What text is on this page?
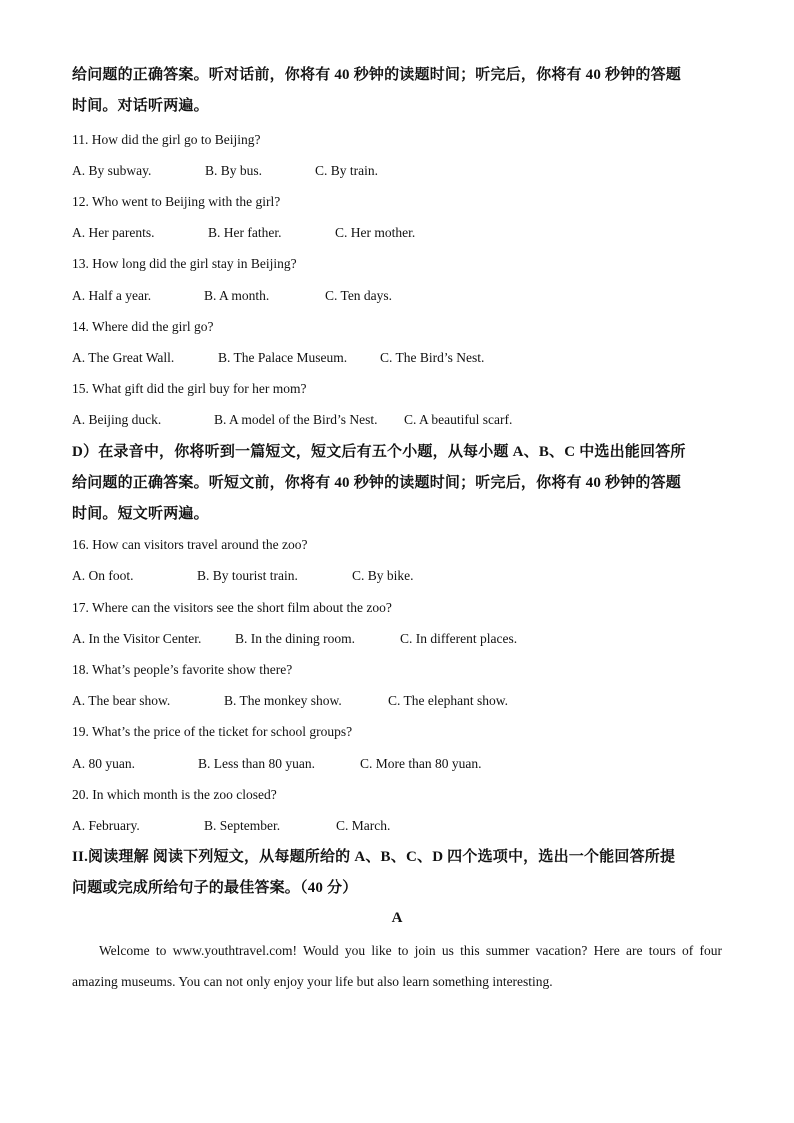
给问题的正确答案。听对话前，你将有 40 秒钟的读题时间；听完后，你将有 40 秒钟的答题
时间。对话听两遍。
11. How did the girl go to Beijing?
A. By subway.	B. By bus.	C. By train.
12. Who went to Beijing with the girl?
A. Her parents.	B. Her father.	C. Her mother.
13. How long did the girl stay in Beijing?
A. Half a year.	B. A month.	C. Ten days.
14. Where did the girl go?
A. The Great Wall.	B. The Palace Museum. C. The Bird’s Nest.
15. What gift did the girl buy for her mom?
A. Beijing duck.	B. A model of the Bird’s Nest. C. A beautiful scarf.
D）在录音中，你将听到一篇短文，短文后有五个小题，从每小题 A、B、C 中选出能回答所
给问题的正确答案。听短文前，你将有 40 秒钟的读题时间；听完后，你将有 40 秒钟的答题
时间。短文听两遍。
16. How can visitors travel around the zoo?
A. On foot.	B. By tourist train.	C. By bike.
17. Where can the visitors see the short film about the zoo?
A. In the Visitor Center. B. In the dining room.	C. In different places.
18. What’s people’s favorite show there?
A. The bear show.	B. The monkey show.	C. The elephant show.
19. What’s the price of the ticket for school groups?
A. 80 yuan.	B. Less than 80 yuan.	C. More than 80 yuan.
20. In which month is the zoo closed?
A. February.	B. September.	C. March.
II.阅读理解 阅读下列短文，从每题所给的 A、B、C、D 四个选项中，选出一个能回答所提
问题或完成所给句子的最佳答案。（40 分）
A
Welcome to www.youthtravel.com! Would you like to join us this summer vacation? Here are tours of four amazing museums. You can not only enjoy your life but also learn something interesting.
